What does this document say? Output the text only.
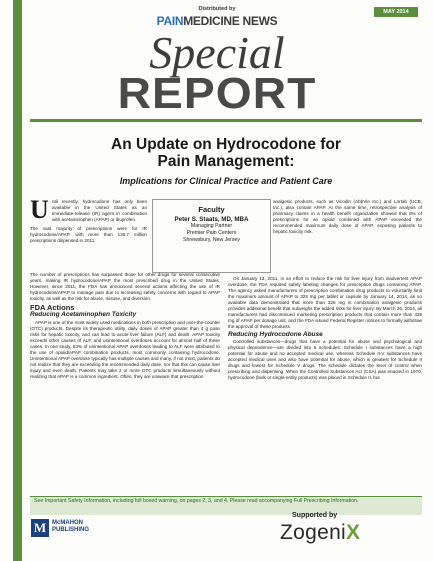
Distributed by
PAINMEDICINE NEWS
MAY 2014
Special
REPORT
An Update on Hydrocodone for
Pain Management:
Implications for Clinical Practice and Patient Care
U ntil recently, hydrocodone has only been available in the United States as an immediate-release (IR) agent in combination with acetaminophen (APAP) or ibuprofen.

The vast majority of prescriptions were for IR hydrocodone/APAP, with more than 136.7 million prescriptions dispensed in 2011.

Faculty
Peter S. Staats, MD, MBA
Managing Partner
Premier Pain Centers
Shrewsbury, New Jersey

The number of prescriptions has surpassed those for other drugs for several consecutive years, making IR hydrocodone/APAP the most prescribed drug in the United States. However, since 2011, the FDA has announced several actions affecting the use of IR hydrocodone/APAP to manage pain due to increasing safety concerns with regard to APAP toxicity, as well as the risk for abuse, misuse, and diversion.

FDA Actions
Reducing Acetaminophen Toxicity

APAP is one of the most widely used medications in both prescription and over-the-counter (OTC) products. Despite its therapeutic utility, daily doses of APAP greater than 4 g pose risks for hepatic toxicity, and can lead to acute liver failure (ALF) and death. APAP toxicity exceeds other causes of ALF, and unintentional overdoses account for almost half of these cases. In one study, 63% of unintentional APAP overdoses leading to ALF were attributed to the use of opioid/APAP combination products, most commonly containing hydrocodone. Unintentional APAP overdose typically has multiple causes and many, if not most, patients do not realize that they are exceeding the recommended daily dose, nor that this can cause liver injury and even death. Patients may take 2 or more OTC products simultaneously without realizing that APAP is a common ingredient. Often, they are unaware that prescription

analgesic products, such as Vicodin (AbbVie Inc.) and Lortab (UCB, Inc.), also contain APAP. At the same time, retrospective analysis of pharmacy claims in a health benefit organization showed that 8% of prescriptions for an opioid combined with APAP exceeded the recommended maximum daily dose of APAP, exposing patients to hepatic toxicity risk.

On January 13, 2011, in an effort to reduce the risk for liver injury from inadvertent APAP overdose, the FDA required safety labeling changes for prescription drugs containing APAP. The agency asked manufacturers of prescription combination drug products to voluntarily limit the maximum amount of APAP to 325 mg per tablet or capsule by January 14, 2014, as no available data demonstrated that more than 325 mg in combination analgesic products provides additional benefit that outweighs the added risks for liver injury. By March 26, 2014, all manufacturers had discontinued marketing prescription products that contain more than 325 mg of APAP per dosage unit, and the FDA issued Federal Register notices to formally withdraw the approval of these products.

Reducing Hydrocodone Abuse

Controlled substances—drugs that have a potential for abuse and psychological and physical dependence—are divided into 5 schedules: Schedule I substances have a high potential for abuse and no accepted medical use, whereas Schedule II-V substances have accepted medical uses and also have potential for abuse, which is greatest for Schedule II drugs and lowest for Schedule V drugs. The schedule dictates the level of control when prescribing and dispensing. When the Controlled Substances Act (CSA) was enacted in 1970, hydrocodone (bulk or single-entity products) was placed in Schedule II, but

See Important Safety Information, including full boxed warning, on pages 2, 3, and 4. Please read accompanying Full Prescribing Information.
M McMAHON
PUBLISHING
Supported by
ZogeniX
